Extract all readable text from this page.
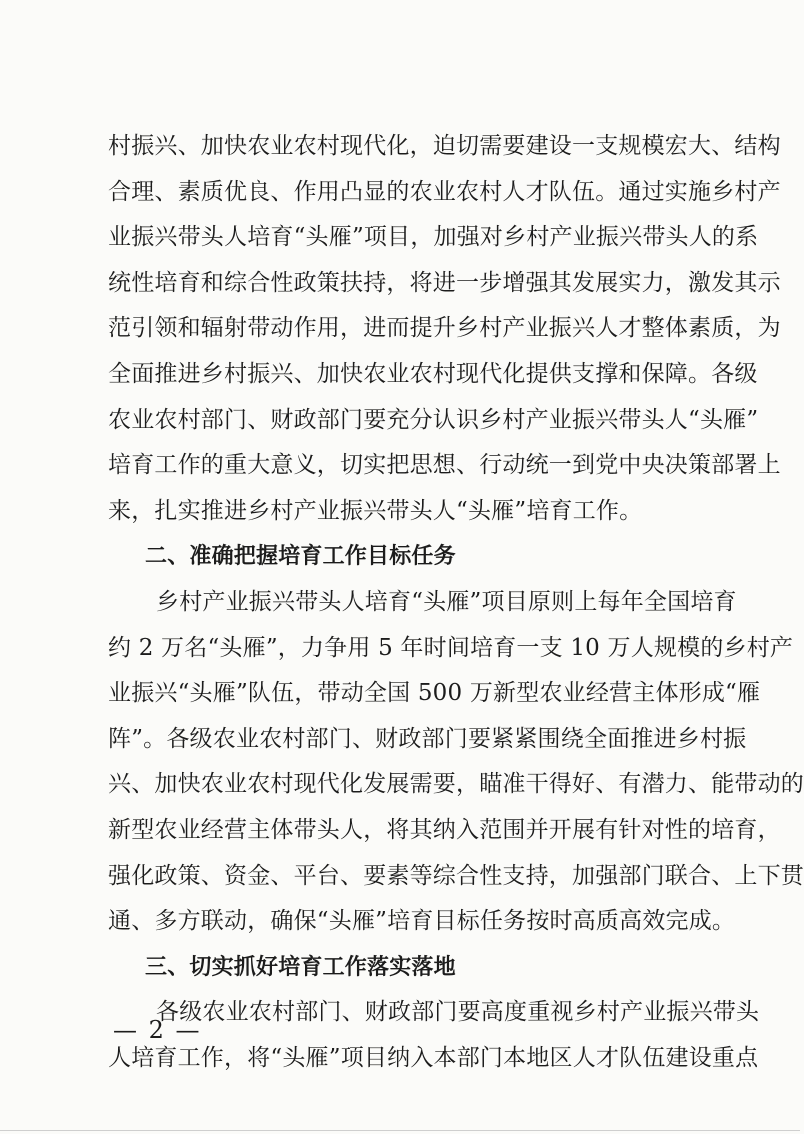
村振兴、加快农业农村现代化，迫切需要建设一支规模宏大、结构
合理、素质优良、作用凸显的农业农村人才队伍。通过实施乡村产
业振兴带头人培育“头雁”项目，加强对乡村产业振兴带头人的系
统性培育和综合性政策扶持，将进一步增强其发展实力，激发其示
范引领和辐射带动作用，进而提升乡村产业振兴人才整体素质，为
全面推进乡村振兴、加快农业农村现代化提供支撑和保障。各级
农业农村部门、财政部门要充分认识乡村产业振兴带头人“头雁”
培育工作的重大意义，切实把思想、行动统一到党中央决策部署上
来，扎实推进乡村产业振兴带头人“头雁”培育工作。
二、准确把握培育工作目标任务
乡村产业振兴带头人培育“头雁”项目原则上每年全国培育
约 2 万名“头雁”，力争用 5 年时间培育一支 10 万人规模的乡村产
业振兴“头雁”队伍，带动全国 500 万新型农业经营主体形成“雁
阵”。各级农业农村部门、财政部门要紧紧围绕全面推进乡村振
兴、加快农业农村现代化发展需要，瞄准干得好、有潜力、能带动的
新型农业经营主体带头人，将其纳入范围并开展有针对性的培育，
强化政策、资金、平台、要素等综合性支持，加强部门联合、上下贯
通、多方联动，确保“头雁”培育目标任务按时高质高效完成。
三、切实抓好培育工作落实落地
各级农业农村部门、财政部门要高度重视乡村产业振兴带头
人培育工作，将“头雁”项目纳入本部门本地区人才队伍建设重点
— 2 —
